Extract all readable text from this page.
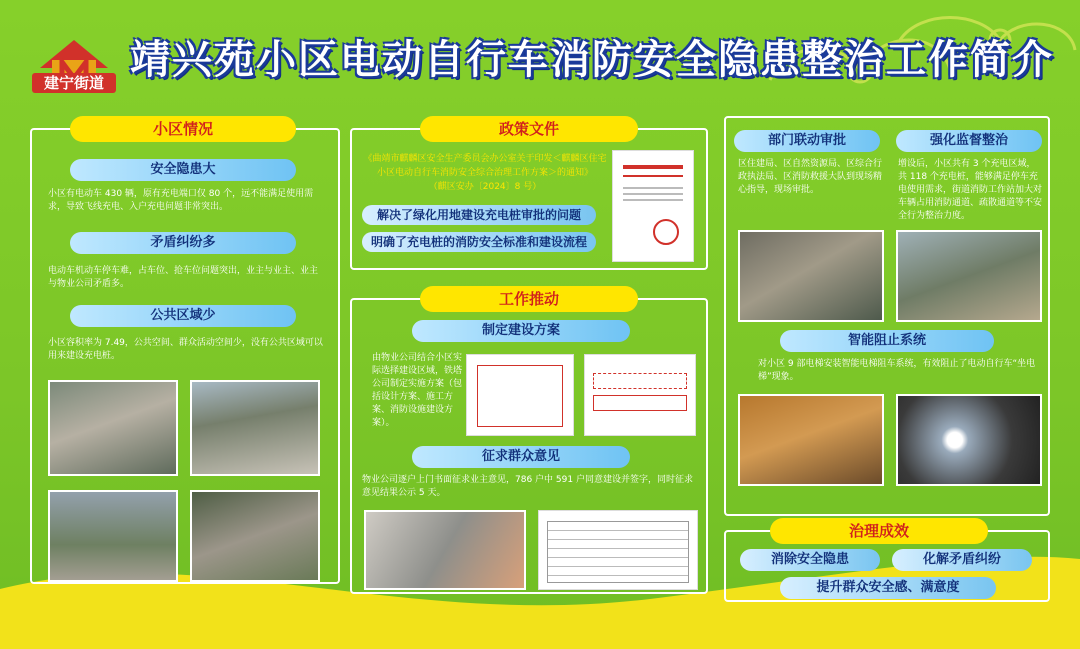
建宁街道 靖兴苑小区电动自行车消防安全隐患整治工作简介
小区情况
安全隐患大
小区有电动车 430 辆，原有充电端口仅 80 个，远不能满足使用需求，导致飞线充电、入户充电问题非常突出。
矛盾纠纷多
电动车机动车停车难，占车位、抢车位问题突出，业主与业主、业主与物业公司矛盾多。
公共区域少
小区容积率为 7.49，公共空间、群众活动空间少，没有公共区域可以用来建设充电桩。
政策文件
《曲靖市麒麟区安全生产委员会办公室关于印发＜麒麟区住宅
小区电动自行车消防安全综合治理工作方案＞的通知》
（麒区安办〔2024〕8 号）
解决了绿化用地建设充电桩审批的问题
明确了充电桩的消防安全标准和建设流程
工作推动
制定建设方案
由物业公司结合小区实际选择建设区域，铁塔公司制定实施方案（包括设计方案、施工方案、消防设施建设方案）。
征求群众意见
物业公司逐户上门书面征求业主意见，786 户中 591 户同意建设并签字，同时征求意见结果公示 5 天。
部门联动审批
区住建局、区自然资源局、区综合行政执法局、区消防救援大队到现场精心指导，现场审批。
强化监督整治
增设后，小区共有 3 个充电区域，共 118 个充电桩，能够满足停车充电使用需求，街道消防工作站加大对车辆占用消防通道、疏散通道等不安全行为整治力度。
智能阻止系统
对小区 9 部电梯安装智能电梯阻车系统，有效阻止了电动自行车“坐电梯”现象。
治理成效
消除安全隐患	化解矛盾纠纷
提升群众安全感、满意度
